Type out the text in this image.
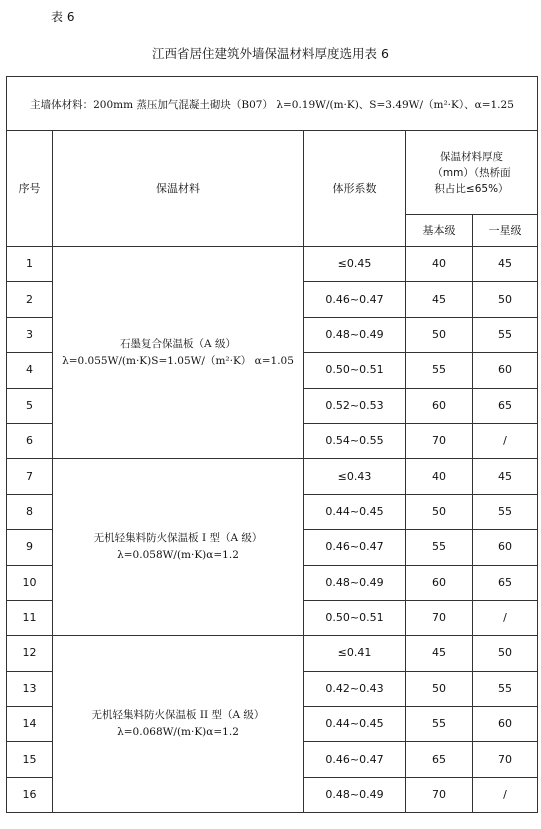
表 6
江西省居住建筑外墙保温材料厚度选用表 6
主墙体材料：200mm 蒸压加气混凝土砌块（B07） λ=0.19W/(m·K)、S=3.49W/（m²·K）、α=1.25				
序号	保温材料	体形系数	保温材料厚度（mm）（热桥面积占比≤65%）	
			基本级	一星级
1	石墨复合保温板（A 级）λ=0.055W/(m·K)S=1.05W/（m²·K） α=1.05	≤0.45	40	45
2		0.46~0.47	45	50
3		0.48~0.49	50	55
4		0.50~0.51	55	60
5		0.52~0.53	60	65
6		0.54~0.55	70	/
7	无机轻集料防火保温板 I 型（A 级）λ=0.058W/(m·K)α=1.2	≤0.43	40	45
8		0.44~0.45	50	55
9		0.46~0.47	55	60
10		0.48~0.49	60	65
11		0.50~0.51	70	/
12	无机轻集料防火保温板 II 型（A 级）λ=0.068W/(m·K)α=1.2	≤0.41	45	50
13		0.42~0.43	50	55
14		0.44~0.45	55	60
15		0.46~0.47	65	70
16		0.48~0.49	70	/
